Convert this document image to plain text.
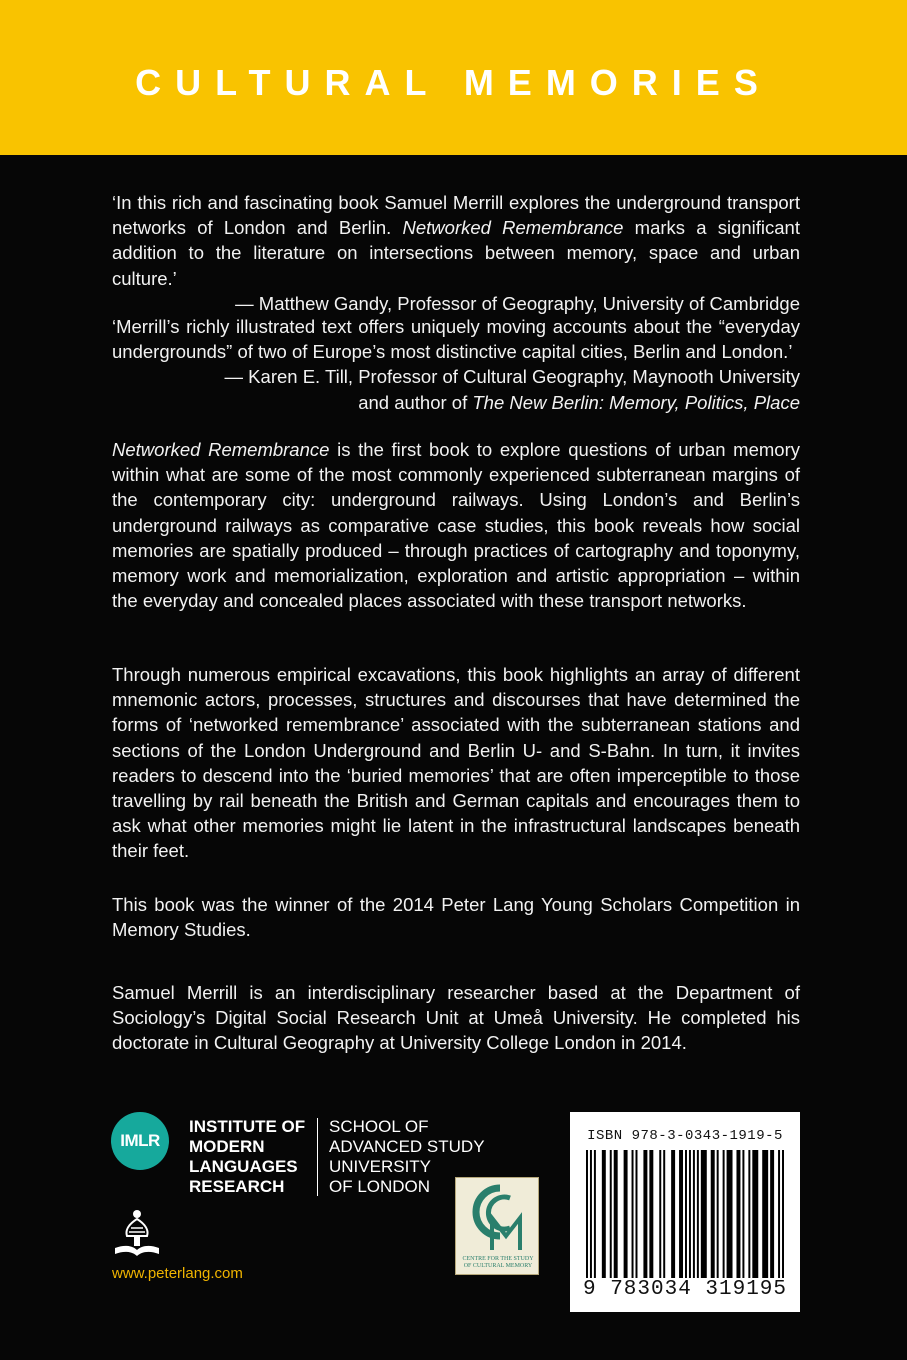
CULTURAL MEMORIES
‘In this rich and fascinating book Samuel Merrill explores the underground transport networks of London and Berlin. Networked Remembrance marks a significant addition to the literature on intersections between memory, space and urban culture.’
— Matthew Gandy, Professor of Geography, University of Cambridge
‘Merrill’s richly illustrated text offers uniquely moving accounts about the “everyday undergrounds” of two of Europe’s most distinctive capital cities, Berlin and London.’
— Karen E. Till, Professor of Cultural Geography, Maynooth University
and author of The New Berlin: Memory, Politics, Place
Networked Remembrance is the first book to explore questions of urban memory within what are some of the most commonly experienced subterranean margins of the contemporary city: underground railways. Using London’s and Berlin’s underground railways as comparative case studies, this book reveals how social memories are spatially produced – through practices of cartography and toponymy, memory work and memorialization, exploration and artistic appropriation – within the everyday and concealed places associated with these transport networks.
Through numerous empirical excavations, this book highlights an array of different mnemonic actors, processes, structures and discourses that have determined the forms of ‘networked remembrance’ associated with the subterranean stations and sections of the London Underground and Berlin U- and S-Bahn. In turn, it invites readers to descend into the ‘buried memories’ that are often imperceptible to those travelling by rail beneath the British and German capitals and encourages them to ask what other memories might lie latent in the infrastructural landscapes beneath their feet.
This book was the winner of the 2014 Peter Lang Young Scholars Competition in Memory Studies.
Samuel Merrill is an interdisciplinary researcher based at the Department of Sociology’s Digital Social Research Unit at Umeå University. He completed his doctorate in Cultural Geography at University College London in 2014.
IMLR
INSTITUTE OF
MODERN
LANGUAGES
RESEARCH
SCHOOL OF
ADVANCED STUDY
UNIVERSITY
OF LONDON
CENTRE FOR THE STUDY OF CULTURAL MEMORY
www.peterlang.com
ISBN 978-3-0343-1919-5
9 783034 319195
